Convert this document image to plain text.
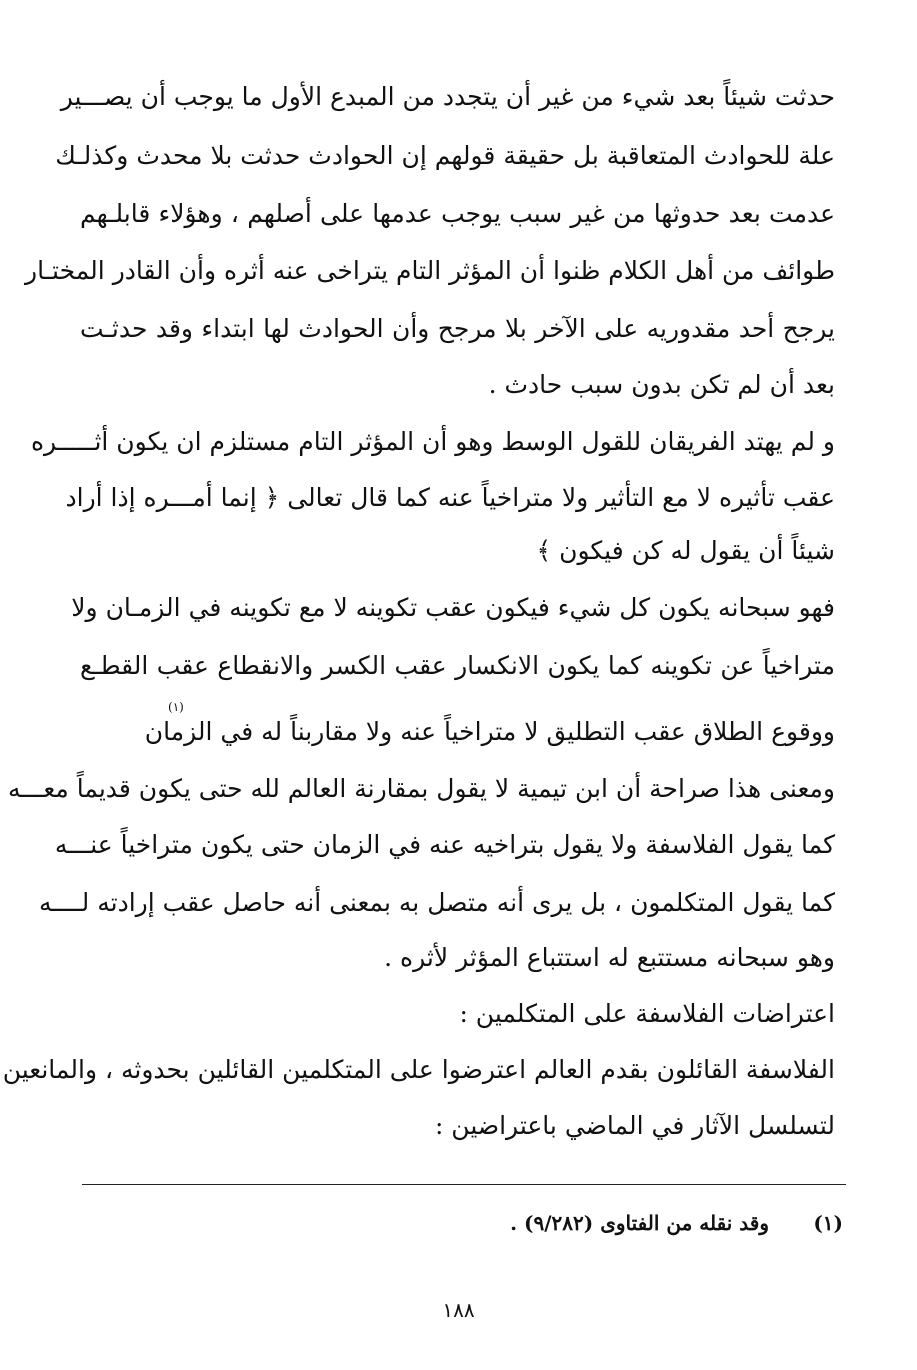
حدثت شيئاً بعد شيء من غير أن يتجدد من المبدع الأول ما يوجب أن يصـــير
علة للحوادث المتعاقبة بل حقيقة قولهم إن الحوادث حدثت بلا محدث وكذلـك
عدمت بعد حدوثها من غير سبب يوجب عدمها على أصلهم ، وهؤلاء قابلـهم
طوائف من أهل الكلام ظنوا أن المؤثر التام يتراخى عنه أثره وأن القادر المختـار
يرجح أحد مقدوريه على الآخر بلا مرجح وأن الحوادث لها ابتداء وقد حدثـت
بعد أن لم تكن بدون سبب حادث .
و لم يهتد الفريقان للقول الوسط وهو أن المؤثر التام مستلزم ان يكون أثـــــره
عقب تأثيره لا مع التأثير ولا متراخياً عنه كما قال تعالى ﴿ إنما أمـــره إذا أراد
شيئاً أن يقول له كن فيكون ﴾
فهو سبحانه يكون كل شيء فيكون عقب تكوينه لا مع تكوينه في الزمـان ولا
متراخياً عن تكوينه كما يكون الانكسار عقب الكسر والانقطاع عقب القطـع
ووقوع الطلاق عقب التطليق لا متراخياً عنه ولا مقاربناً له في الزمان
(١)
ومعنى هذا صراحة أن ابن تيمية لا يقول بمقارنة العالم لله حتى يكون قديماً معـــه
كما يقول الفلاسفة ولا يقول بتراخيه عنه في الزمان حتى يكون متراخياً عنـــه
كما يقول المتكلمون ، بل يرى أنه متصل به بمعنى أنه حاصل عقب إرادته لــــه
وهو سبحانه مستتبع له استتباع المؤثر لأثره .
اعتراضات الفلاسفة على المتكلمين :
الفلاسفة القائلون بقدم العالم اعترضوا على المتكلمين القائلين بحدوثه ، والمانعين
لتسلسل الآثار في الماضي باعتراضين :
(١)
وقد نقله من الفتاوى (٩/٢٨٢) .
١٨٨
